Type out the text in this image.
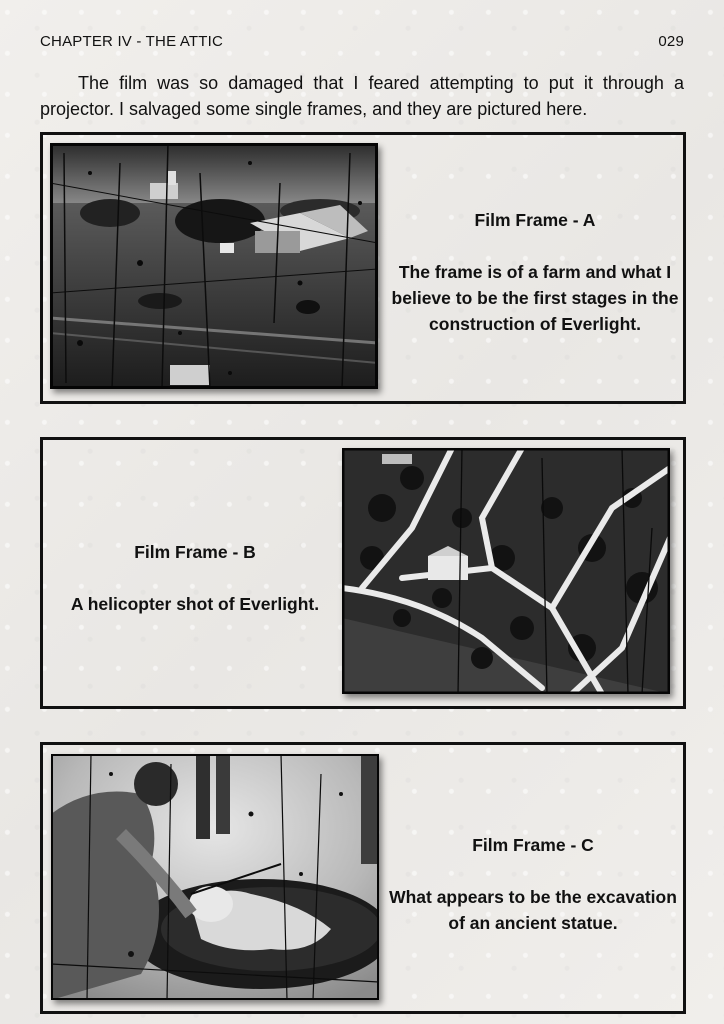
CHAPTER IV - THE ATTIC	029

The film was so damaged that I feared attempting to put it through a projector. I salvaged some single frames, and they are pictured here.

Film Frame - A
The frame is of a farm and what I believe to be the first stages in the construction of Everlight.
Film Frame - B
A helicopter shot of Everlight.
Film Frame - C
What appears to be the excavation of an ancient statue.
